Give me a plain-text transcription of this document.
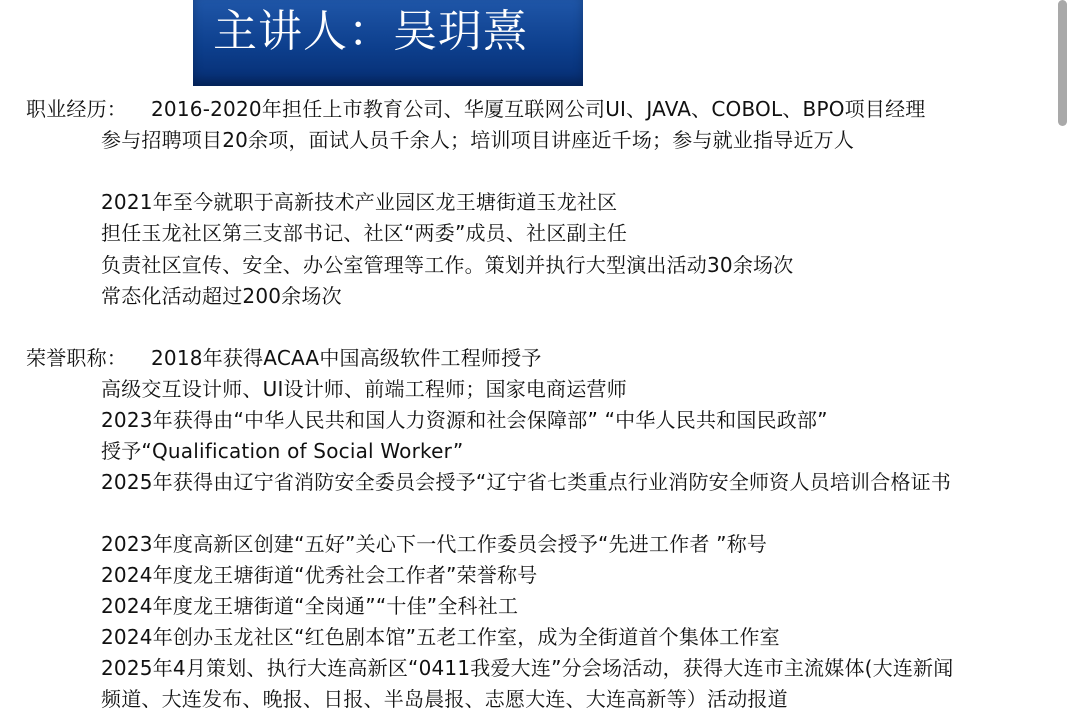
主讲人：吴玥熹
职业经历： 2016-2020年担任上市教育公司、华厦互联网公司UI、JAVA、COBOL、BPO项目经理
参与招聘项目20余项，面试人员千余人；培训项目讲座近千场；参与就业指导近万人
2021年至今就职于高新技术产业园区龙王塘街道玉龙社区
担任玉龙社区第三支部书记、社区“两委”成员、社区副主任
负责社区宣传、安全、办公室管理等工作。策划并执行大型演出活动30余场次
常态化活动超过200余场次
荣誉职称： 2018年获得ACAA中国高级软件工程师授予
高级交互设计师、UI设计师、前端工程师；国家电商运营师
2023年获得由“中华人民共和国人力资源和社会保障部” “中华人民共和国民政部”
授予“Qualification of Social Worker”
2025年获得由辽宁省消防安全委员会授予“辽宁省七类重点行业消防安全师资人员培训合格证书
2023年度高新区创建“五好”关心下一代工作委员会授予“先进工作者 ”称号
2024年度龙王塘街道“优秀社会工作者”荣誉称号
2024年度龙王塘街道“全岗通”“十佳”全科社工
2024年创办玉龙社区“红色剧本馆”五老工作室，成为全街道首个集体工作室
2025年4月策划、执行大连高新区“0411我爱大连”分会场活动，获得大连市主流媒体(大连新闻
频道、大连发布、晚报、日报、半岛晨报、志愿大连、大连高新等）活动报道
